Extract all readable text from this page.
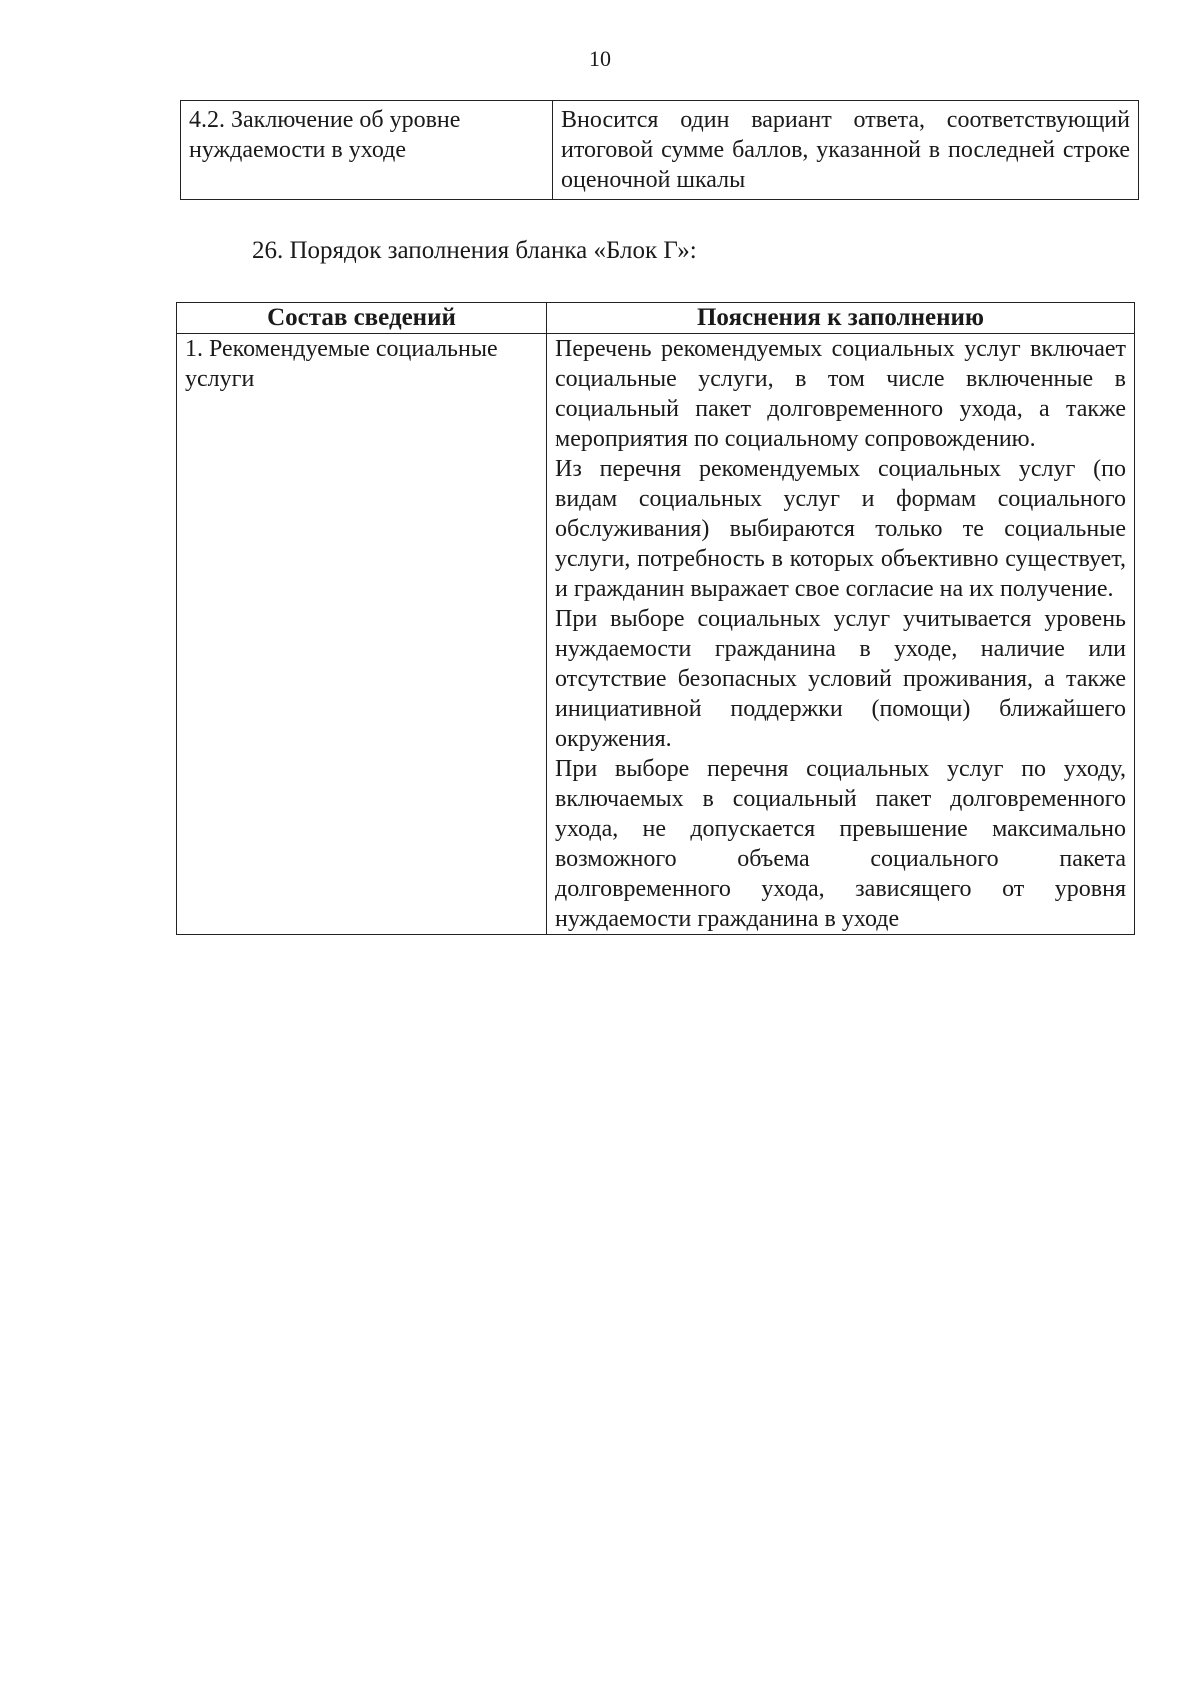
10
4.2. Заключение об уровне нуждаемости в уходе	Вносится один вариант ответа, соответствующий итоговой сумме баллов, указанной в последней строке оценочной шкалы
26. Порядок заполнения бланка «Блок Г»:
Состав сведений	Пояснения к заполнению
1. Рекомендуемые социальные услуги	Перечень рекомендуемых социальных услуг включает социальные услуги, в том числе включенные в социальный пакет долговременного ухода, а также мероприятия по социальному сопровождению.

Из перечня рекомендуемых социальных услуг (по видам социальных услуг и формам социального обслуживания) выбираются только те социальные услуги, потребность в которых объективно существует, и гражданин выражает свое согласие на их получение.

При выборе социальных услуг учитывается уровень нуждаемости гражданина в уходе, наличие или отсутствие безопасных условий проживания, а также инициативной поддержки (помощи) ближайшего окружения.

При выборе перечня социальных услуг по уходу, включаемых в социальный пакет долговременного ухода, не допускается превышение максимально возможного объема социального пакета долговременного ухода, зависящего от уровня нуждаемости гражданина в уходе
